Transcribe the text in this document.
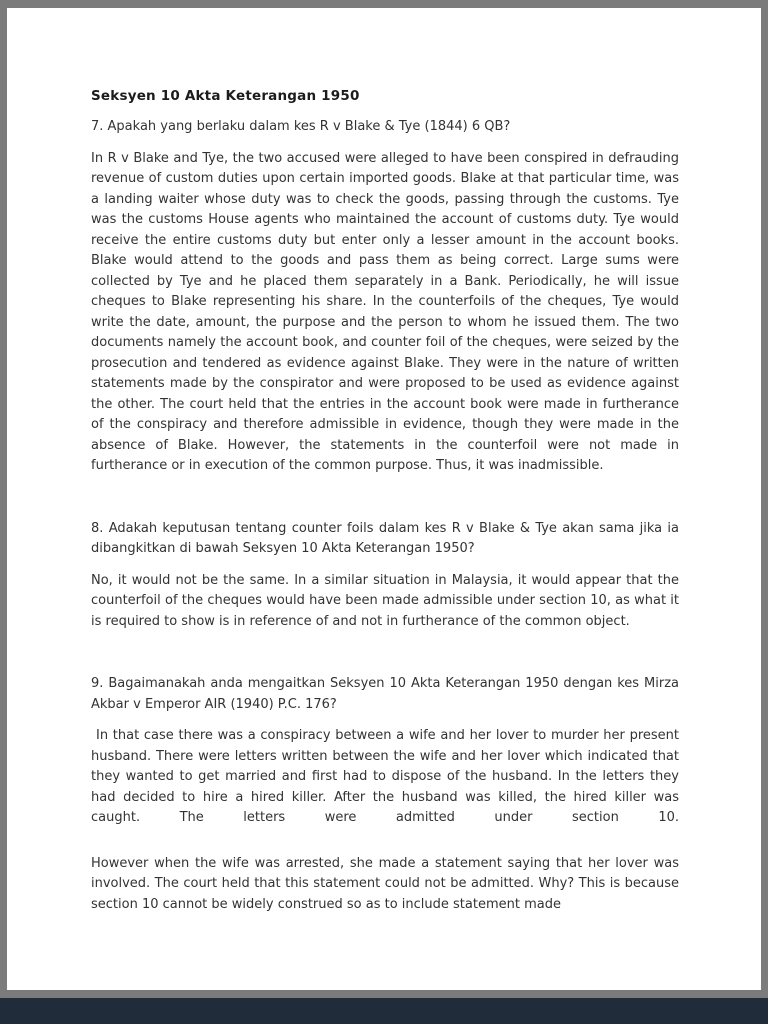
Seksyen 10 Akta Keterangan 1950

7. Apakah yang berlaku dalam kes R v Blake & Tye (1844) 6 QB?

In R v Blake and Tye, the two accused were alleged to have been conspired in defrauding revenue of custom duties upon certain imported goods. Blake at that particular time, was a landing waiter whose duty was to check the goods, passing through the customs. Tye was the customs House agents who maintained the account of customs duty. Tye would receive the entire customs duty but enter only a lesser amount in the account books. Blake would attend to the goods and pass them as being correct. Large sums were collected by Tye and he placed them separately in a Bank. Periodically, he will issue cheques to Blake representing his share. In the counterfoils of the cheques, Tye would write the date, amount, the purpose and the person to whom he issued them. The two documents namely the account book, and counter foil of the cheques, were seized by the prosecution and tendered as evidence against Blake. They were in the nature of written statements made by the conspirator and were proposed to be used as evidence against the other. The court held that the entries in the account book were made in furtherance of the conspiracy and therefore admissible in evidence, though they were made in the absence of Blake. However, the statements in the counterfoil were not made in furtherance or in execution of the common purpose. Thus, it was inadmissible.

8. Adakah keputusan tentang counter foils dalam kes R v Blake & Tye akan sama jika ia dibangkitkan di bawah Seksyen 10 Akta Keterangan 1950?

No, it would not be the same. In a similar situation in Malaysia, it would appear that the counterfoil of the cheques would have been made admissible under section 10, as what it is required to show is in reference of and not in furtherance of the common object.

9. Bagaimanakah anda mengaitkan Seksyen 10 Akta Keterangan 1950 dengan kes Mirza Akbar v Emperor AIR (1940) P.C. 176?

In that case there was a conspiracy between a wife and her lover to murder her present husband. There were letters written between the wife and her lover which indicated that they wanted to get married and first had to dispose of the husband. In the letters they had decided to hire a hired killer. After the husband was killed, the hired killer was caught. The letters were admitted under section 10.

However when the wife was arrested, she made a statement saying that her lover was involved. The court held that this statement could not be admitted. Why? This is because section 10 cannot be widely construed so as to include statement made
